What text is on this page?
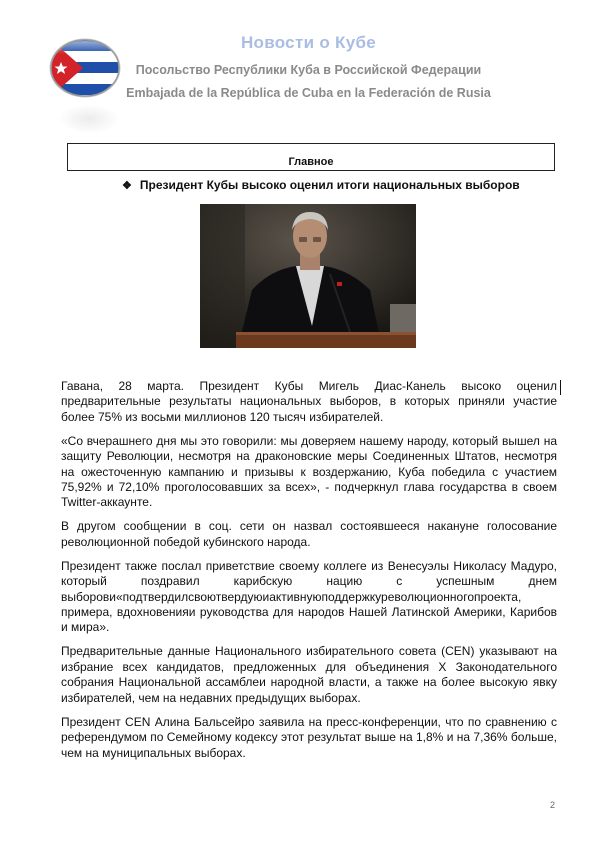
Новости о Кубе
Посольство Республики Куба в Российской Федерации
Embajada de la República de Cuba en la Federación de Rusia
Главное
❖ Президент Кубы высоко оценил итоги национальных выборов

Гавана, 28 марта. Президент Кубы Мигель Диас-Канель высоко оценил предварительные результаты национальных выборов, в которых приняли участие более 75% из восьми миллионов 120 тысяч избирателей.

«Со вчерашнего дня мы это говорили: мы доверяем нашему народу, который вышел на защиту Революции, несмотря на драконовские меры Соединенных Штатов, несмотря на ожесточенную кампанию и призывы к воздержанию, Куба победила с участием 75,92% и 72,10% проголосовавших за всех», - подчеркнул глава государства в своем Twitter-аккаунте.

В другом сообщении в соц. сети он назвал состоявшееся накануне голосование революционной победой кубинского народа.

Президент также послал приветствие своему коллеге из Венесуэлы Николасу Мадуро, который поздравил карибскую нацию с успешным днем выборови«подтвердилсвоютвердуюиактивнуюподдержкуреволюционногопроекта, примера, вдохновенияи руководства для народов Нашей Латинской Америки, Карибов и мира».

Предварительные данные Национального избирательного совета (CEN) указывают на избрание всех кандидатов, предложенных для объединения X Законодательного собрания Национальной ассамблеи народной власти, а также на более высокую явку избирателей, чем на недавних предыдущих выборах.

Президент CEN Алина Бальсейро заявила на пресс-конференции, что по сравнению с референдумом по Семейному кодексу этот результат выше на 1,8% и на 7,36% больше, чем на муниципальных выборах.

2
